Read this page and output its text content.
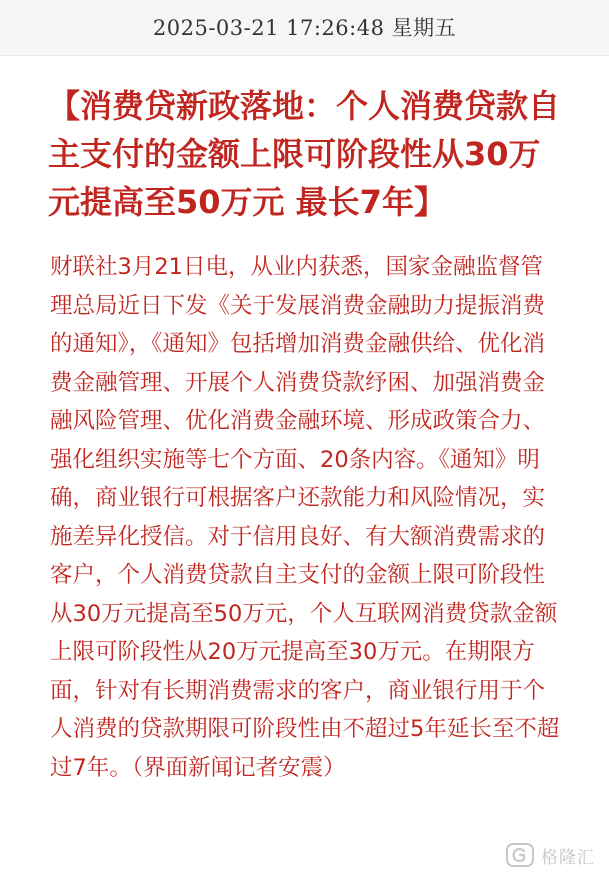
2025-03-21 17:26:48 星期五
【消费贷新政落地：个人消费贷款自主支付的金额上限可阶段性从30万元提高至50万元 最长7年】

财联社3月21日电，从业内获悉，国家金融监督管理总局近日下发《关于发展消费金融助力提振消费的通知》，《通知》包括增加消费金融供给、优化消费金融管理、开展个人消费贷款纾困、加强消费金融风险管理、优化消费金融环境、形成政策合力、强化组织实施等七个方面、20条内容。《通知》明确，商业银行可根据客户还款能力和风险情况，实施差异化授信。对于信用良好、有大额消费需求的客户，个人消费贷款自主支付的金额上限可阶段性从30万元提高至50万元，个人互联网消费贷款金额上限可阶段性从20万元提高至30万元。在期限方面，针对有长期消费需求的客户，商业银行用于个人消费的贷款期限可阶段性由不超过5年延长至不超过7年。（界面新闻记者安震）

格隆汇
